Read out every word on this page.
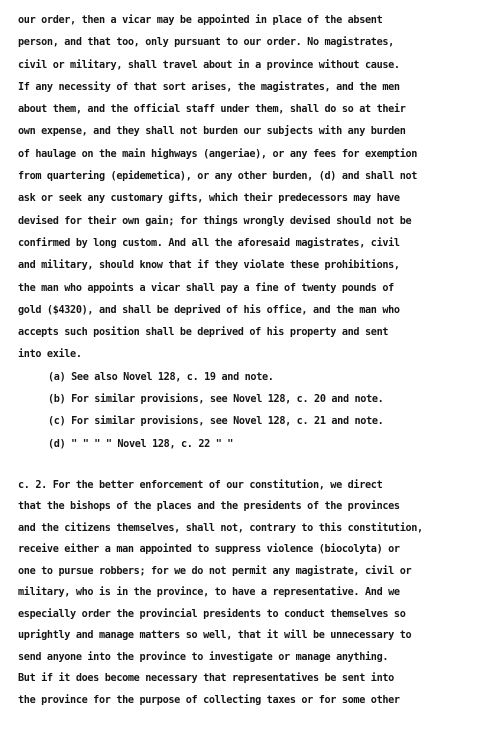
our order, then a vicar may be appointed in place of the absent
person, and that too, only pursuant to our order. No magistrates,
civil or military, shall travel about in a province without cause.
If any necessity of that sort arises, the magistrates, and the men
about them, and the official staff under them, shall do so at their
own expense, and they shall not burden our subjects with any burden
of haulage on the main highways (angeriae), or any fees for exemption
from quartering (epidemetica), or any other burden, (d) and shall not
ask or seek any customary gifts, which their predecessors may have
devised for their own gain; for things wrongly devised should not be
confirmed by long custom. And all the aforesaid magistrates, civil
and military, should know that if they violate these prohibitions,
the man who appoints a vicar shall pay a fine of twenty pounds of
gold ($4320), and shall be deprived of his office, and the man who
accepts such position shall be deprived of his property and sent
into exile.
(a) See also Novel 128, c. 19 and note.
(b) For similar provisions, see Novel 128, c. 20 and note.
(c) For similar provisions, see Novel 128, c. 21 and note.
(d) " " " " Novel 128, c. 22 " "
c. 2. For the better enforcement of our constitution, we direct
that the bishops of the places and the presidents of the provinces
and the citizens themselves, shall not, contrary to this constitution,
receive either a man appointed to suppress violence (biocolyta) or
one to pursue robbers; for we do not permit any magistrate, civil or
military, who is in the province, to have a representative. And we
especially order the provincial presidents to conduct themselves so
uprightly and manage matters so well, that it will be unnecessary to
send anyone into the province to investigate or manage anything.
But if it does become necessary that representatives be sent into
the province for the purpose of collecting taxes or for some other
